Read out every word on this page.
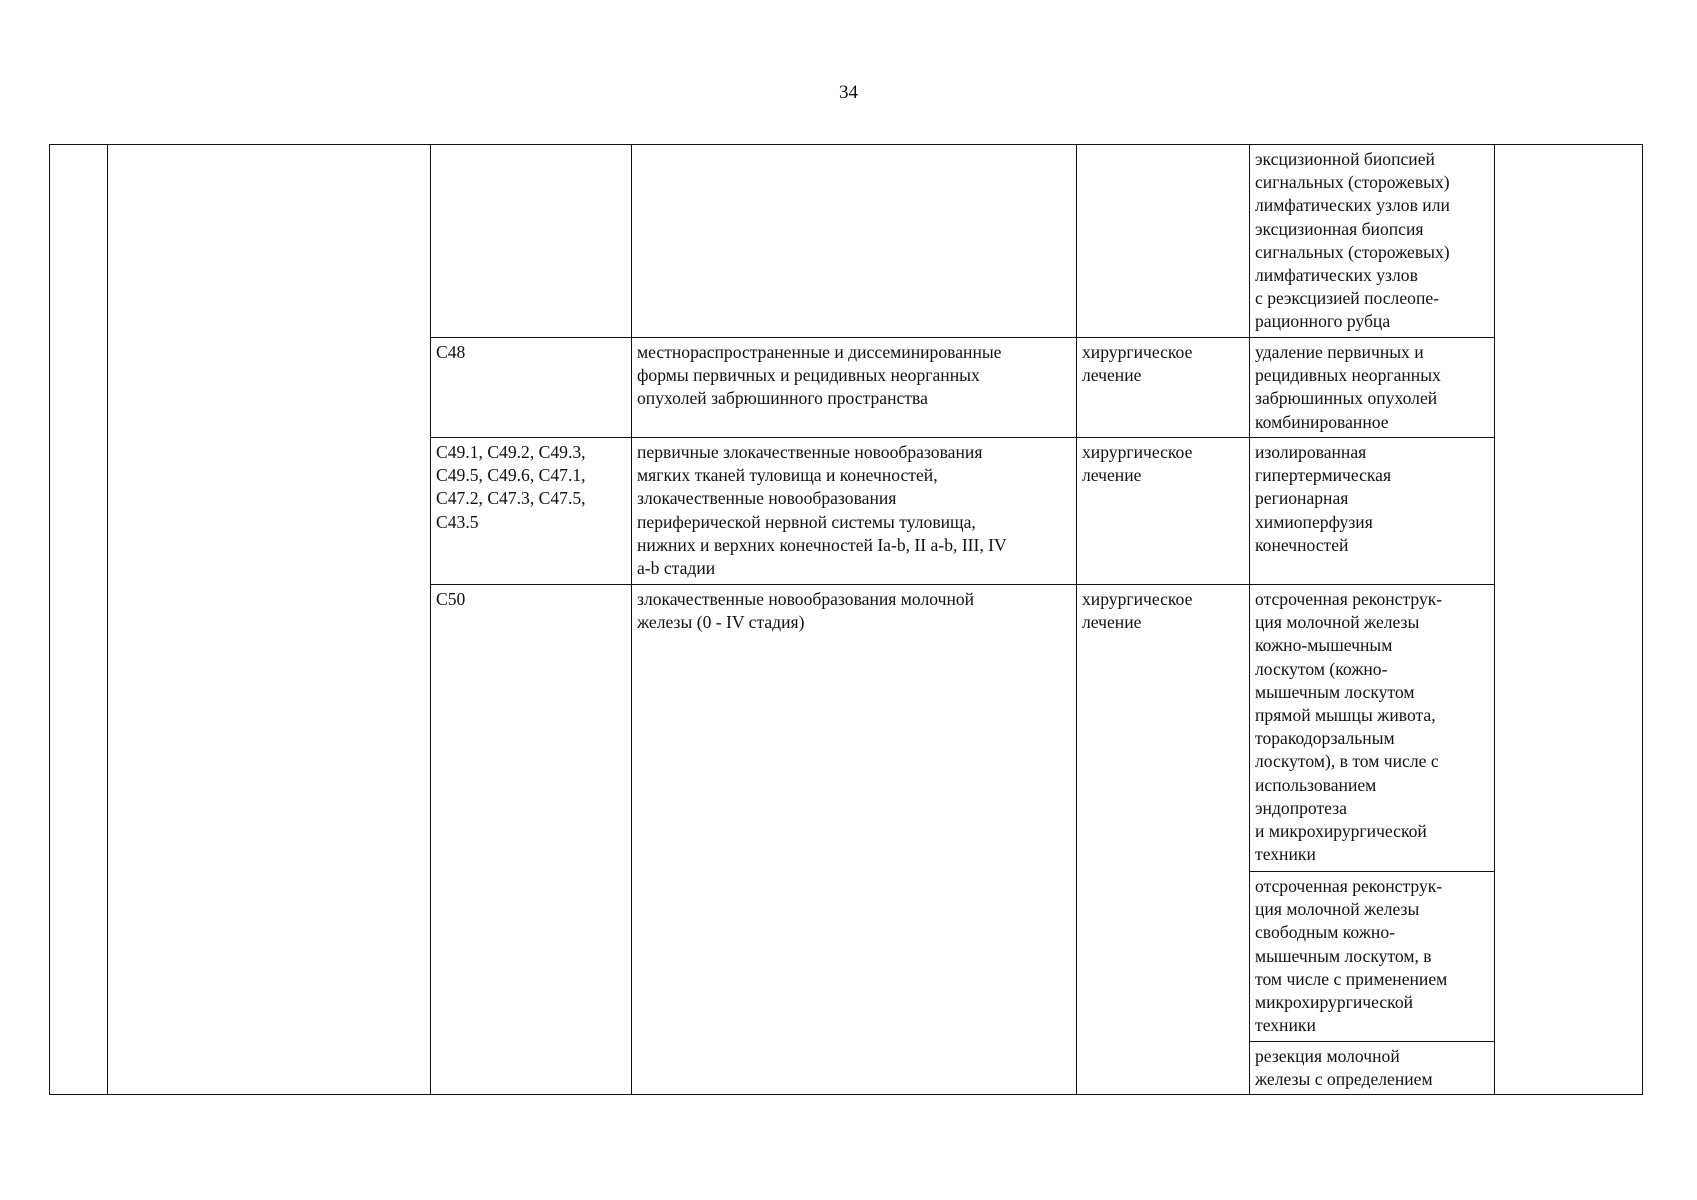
34
эксцизионной биопсией
сигнальных (сторожевых)
лимфатических узлов или
эксцизионная биопсия
сигнальных (сторожевых)
лимфатических узлов
с реэксцизией послеопе-
рационного рубца
C48	местнораспространенные и диссеминированные
формы первичных и рецидивных неорганных
опухолей забрюшинного пространства
хирургическое
лечение
удаление первичных и
рецидивных неорганных
забрюшинных опухолей
комбинированное
C49.1, C49.2, C49.3,
C49.5, C49.6, C47.1,
C47.2, C47.3, C47.5,
C43.5
первичные злокачественные новообразования
мягких тканей туловища и конечностей,
злокачественные новообразования
периферической нервной системы туловища,
нижних и верхних конечностей Ia-b, II a-b, III, IV
a-b стадии
хирургическое
лечение
изолированная
гипертермическая
регионарная
химиоперфузия
конечностей
C50	злокачественные новообразования молочной
железы (0 - IV стадия)
хирургическое
лечение
отсроченная реконструк-
ция молочной железы
кожно-мышечным
лоскутом (кожно-
мышечным лоскутом
прямой мышцы живота,
торакодорзальным
лоскутом), в том числе с
использованием
эндопротеза
и микрохирургической
техники
отсроченная реконструк-
ция молочной железы
свободным кожно-
мышечным лоскутом, в
том числе с применением
микрохирургической
техники
резекция молочной
железы с определением
